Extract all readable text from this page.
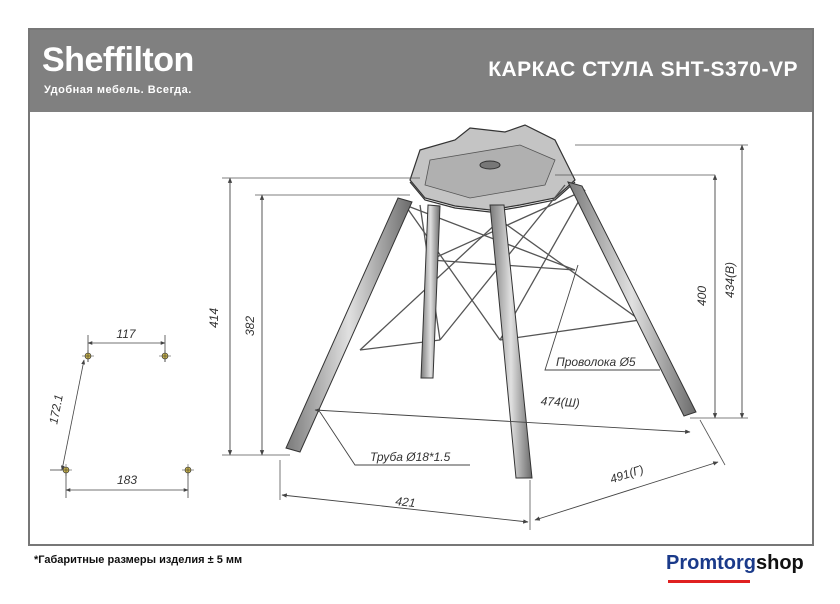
Sheffilton
Удобная мебель. Всегда.
КАРКАС СТУЛА SHT-S370-VP
414 382
400 434(В)
474(Ш)
421
491(Г)
Проволока Ø5
Труба Ø18*1.5
117
183
172.1
*Габаритные размеры изделия ± 5 мм	Promtorgshop
